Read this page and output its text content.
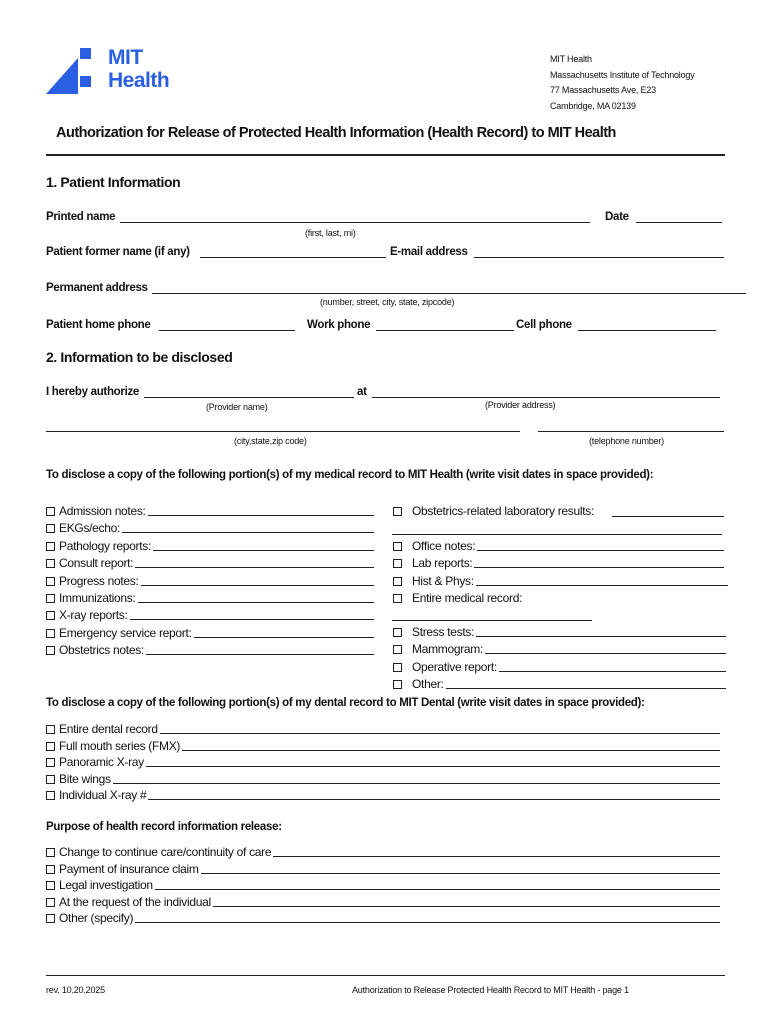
MIT
Health
MIT Health
Massachusetts Institute of Technology
77 Massachusetts Ave, E23
Cambridge, MA 02139
Authorization for Release of Protected Health Information (Health Record) to MIT Health
1. Patient Information
Printed name	Date
(first, last, mi)
Patient former name (if any)	E-mail address
Permanent address
(number, street, city, state, zipcode)
Patient home phone	Work phone	Cell phone
2. Information to be disclosed
I hereby authorize	at
(Provider name)	(Provider address)
(city,state,zip code)	(telephone number)
To disclose a copy of the following portion(s) of my medical record to MIT Health (write visit dates in space provided):
Admission notes:
EKGs/echo:
Pathology reports:
Consult report:
Progress notes:
Immunizations:
X-ray reports:
Emergency service report:
Obstetrics notes:
Obstetrics-related laboratory results:
Office notes:
Lab reports:
Hist & Phys:
Entire medical record:
Stress tests:
Mammogram:
Operative report:
Other:
To disclose a copy of the following portion(s) of my dental record to MIT Dental (write visit dates in space provided):
Entire dental record
Full mouth series (FMX)
Panoramic X-ray
Bite wings
Individual X-ray #
Purpose of health record information release:
Change to continue care/continuity of care
Payment of insurance claim
Legal investigation
At the request of the individual
Other (specify)
rev. 10.20.2025	Authorization to Release Protected Health Record to MIT Health - page 1
